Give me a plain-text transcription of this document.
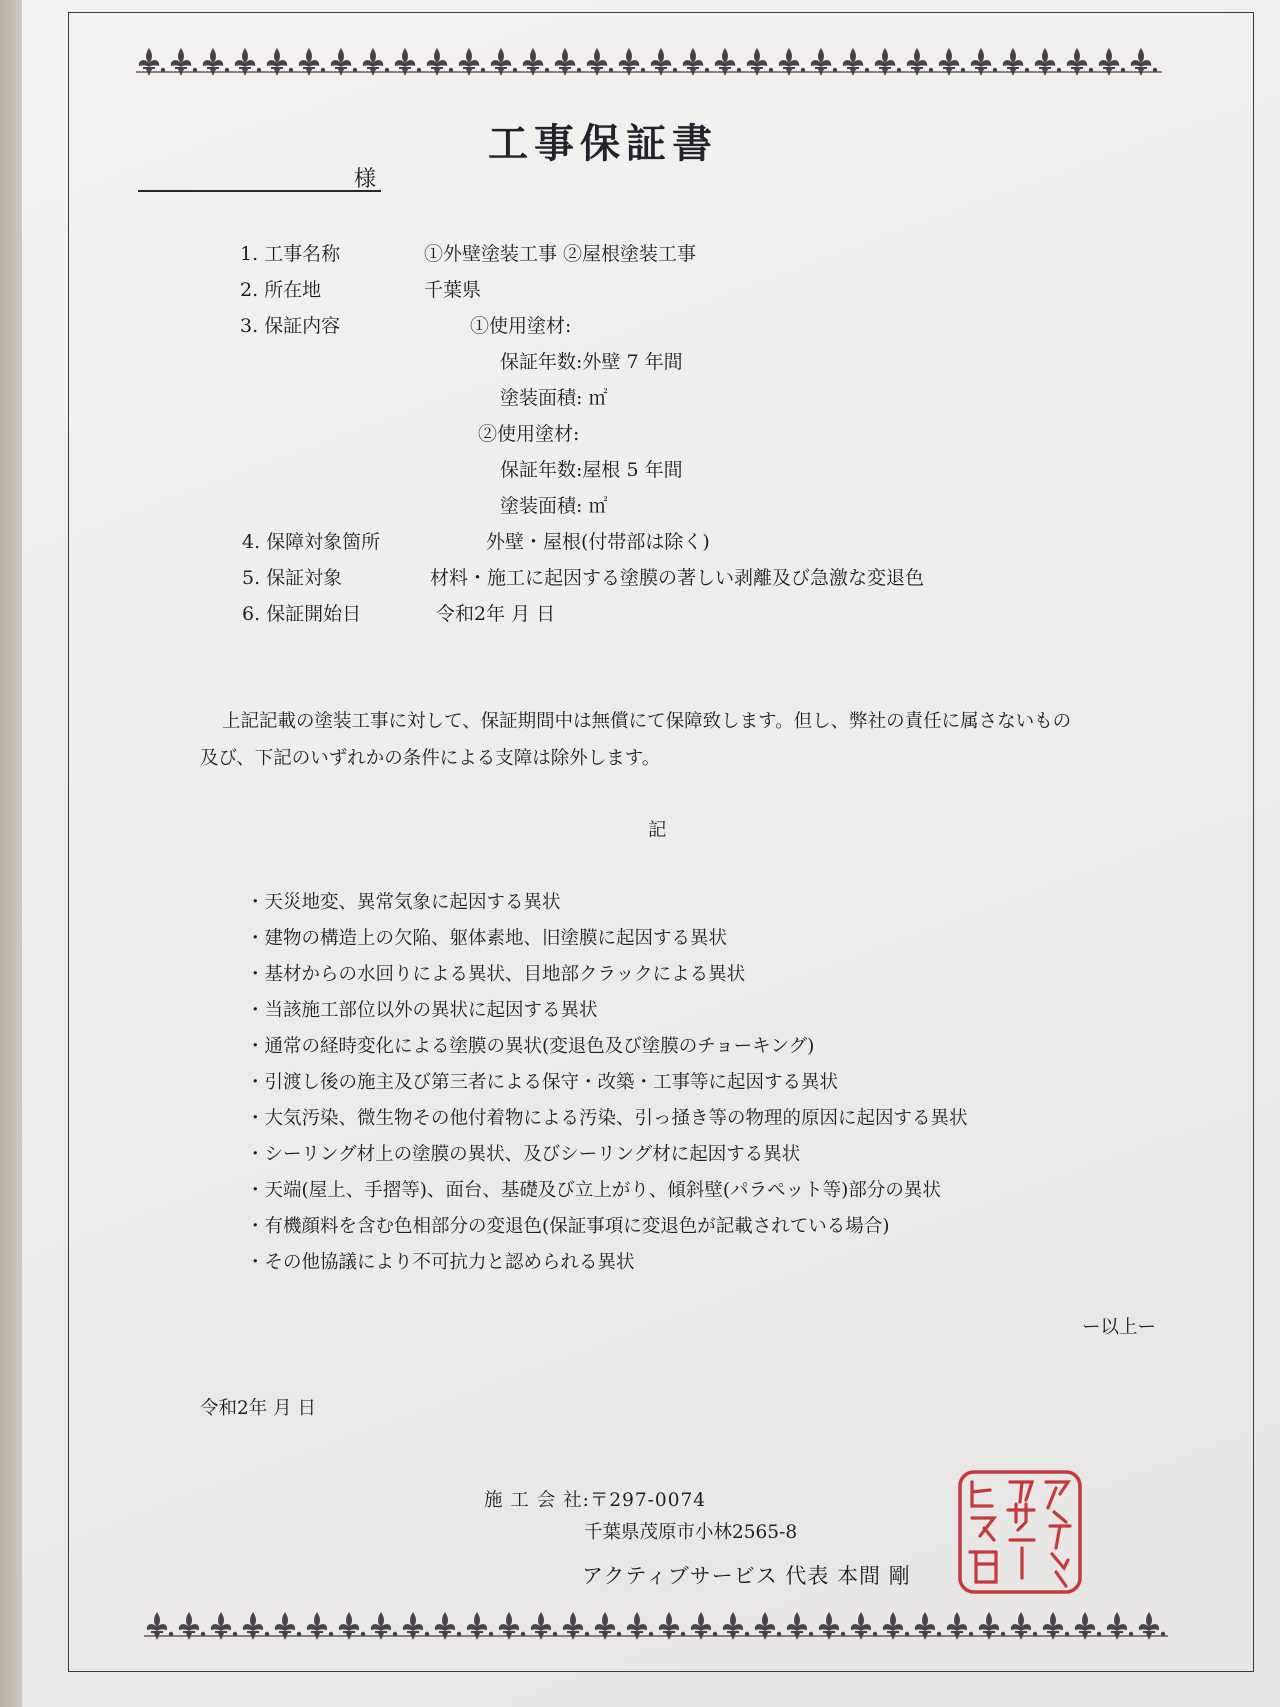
工事保証書
様
1. 工事名称	①外壁塗装工事 ②屋根塗装工事
2. 所在地	千葉県
3. 保証内容	①使用塗材:
保証年数:外壁 7 年間
塗装面積: ㎡
②使用塗材:
保証年数:屋根 5 年間
塗装面積: ㎡
4. 保障対象箇所	外壁・屋根(付帯部は除く)
5. 保証対象	材料・施工に起因する塗膜の著しい剥離及び急激な変退色
6. 保証開始日	令和2年 月 日
上記記載の塗装工事に対して、保証期間中は無償にて保障致します。但し、弊社の責任に属さないもの
及び、下記のいずれかの条件による支障は除外します。
記
・天災地変、異常気象に起因する異状
・建物の構造上の欠陥、躯体素地、旧塗膜に起因する異状
・基材からの水回りによる異状、目地部クラックによる異状
・当該施工部位以外の異状に起因する異状
・通常の経時変化による塗膜の異状(変退色及び塗膜のチョーキング)
・引渡し後の施主及び第三者による保守・改築・工事等に起因する異状
・大気汚染、微生物その他付着物による汚染、引っ掻き等の物理的原因に起因する異状
・シーリング材上の塗膜の異状、及びシーリング材に起因する異状
・天端(屋上、手摺等)、面台、基礎及び立上がり、傾斜壁(パラペット等)部分の異状
・有機顔料を含む色相部分の変退色(保証事項に変退色が記載されている場合)
・その他協議により不可抗力と認められる異状
ー以上ー
令和2年 月 日
施 工 会 社:〒297-0074
千葉県茂原市小林2565-8
アクティブサービス 代表 本間 剛
